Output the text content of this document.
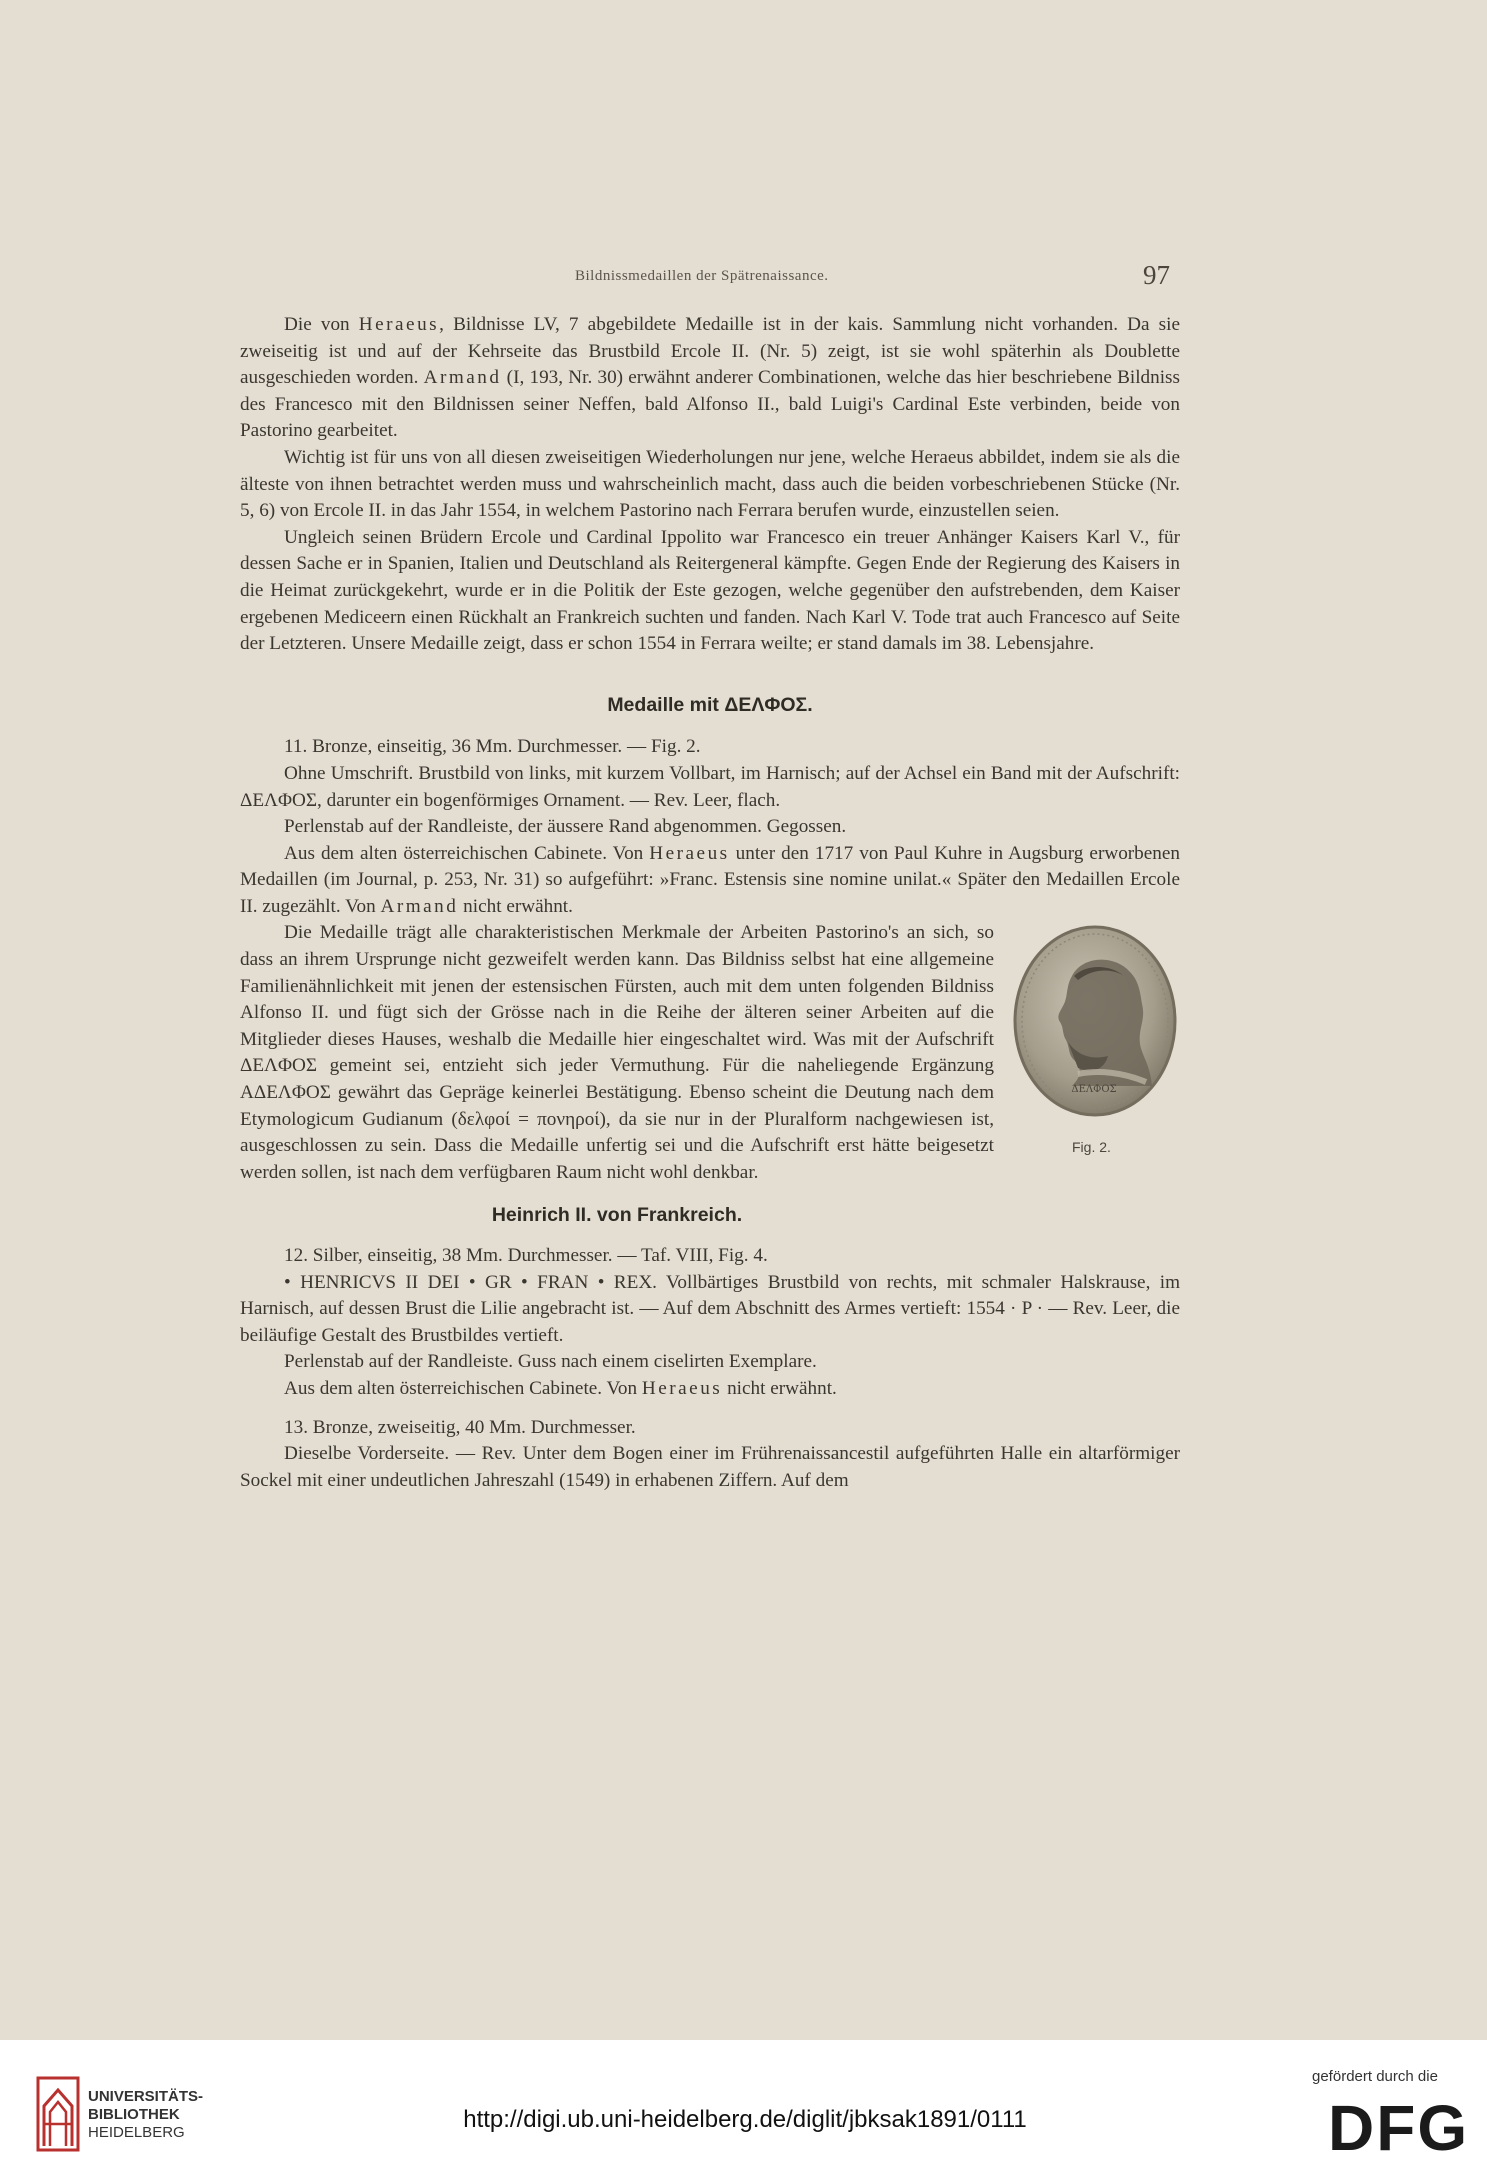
Bildnissmedaillen der Spätrenaissance.	97

Die von Heraeus, Bildnisse LV, 7 abgebildete Medaille ist in der kais. Sammlung nicht vorhanden. Da sie zweiseitig ist und auf der Kehrseite das Brustbild Ercole II. (Nr. 5) zeigt, ist sie wohl späterhin als Doublette ausgeschieden worden. Armand (I, 193, Nr. 30) erwähnt anderer Combinationen, welche das hier beschriebene Bildniss des Francesco mit den Bildnissen seiner Neffen, bald Alfonso II., bald Luigi's Cardinal Este verbinden, beide von Pastorino gearbeitet.

Wichtig ist für uns von all diesen zweiseitigen Wiederholungen nur jene, welche Heraeus abbildet, indem sie als die älteste von ihnen betrachtet werden muss und wahrscheinlich macht, dass auch die beiden vorbeschriebenen Stücke (Nr. 5, 6) von Ercole II. in das Jahr 1554, in welchem Pastorino nach Ferrara berufen wurde, einzustellen seien.

Ungleich seinen Brüdern Ercole und Cardinal Ippolito war Francesco ein treuer Anhänger Kaisers Karl V., für dessen Sache er in Spanien, Italien und Deutschland als Reitergeneral kämpfte. Gegen Ende der Regierung des Kaisers in die Heimat zurückgekehrt, wurde er in die Politik der Este gezogen, welche gegenüber den aufstrebenden, dem Kaiser ergebenen Mediceern einen Rückhalt an Frankreich suchten und fanden. Nach Karl V. Tode trat auch Francesco auf Seite der Letzteren. Unsere Medaille zeigt, dass er schon 1554 in Ferrara weilte; er stand damals im 38. Lebensjahre.

Medaille mit ΔΕΛΦΟΣ.

11. Bronze, einseitig, 36 Mm. Durchmesser. — Fig. 2.

Ohne Umschrift. Brustbild von links, mit kurzem Vollbart, im Harnisch; auf der Achsel ein Band mit der Aufschrift: ΔΕΛΦΟΣ, darunter ein bogenförmiges Ornament. — Rev. Leer, flach.

Perlenstab auf der Randleiste, der äussere Rand abgenommen. Gegossen.

Aus dem alten österreichischen Cabinete. Von Heraeus unter den 1717 von Paul Kuhre in Augsburg erworbenen Medaillen (im Journal, p. 253, Nr. 31) so aufgeführt: »Franc. Estensis sine nomine unilat.« Später den Medaillen Ercole II. zugezählt. Von Armand nicht erwähnt.

ΔΕΛΦΟΣ
Fig. 2.

Die Medaille trägt alle charakteristischen Merkmale der Arbeiten Pastorino's an sich, so dass an ihrem Ursprunge nicht gezweifelt werden kann. Das Bildniss selbst hat eine allgemeine Familienähnlichkeit mit jenen der estensischen Fürsten, auch mit dem unten folgenden Bildniss Alfonso II. und fügt sich der Grösse nach in die Reihe der älteren seiner Arbeiten auf die Mitglieder dieses Hauses, weshalb die Medaille hier eingeschaltet wird. Was mit der Aufschrift ΔΕΛΦΟΣ gemeint sei, entzieht sich jeder Vermuthung. Für die naheliegende Ergänzung ΑΔΕΛΦΟΣ gewährt das Gepräge keinerlei Bestätigung. Ebenso scheint die Deutung nach dem Etymologicum Gudianum (δελφοί = πονηροί), da sie nur in der Pluralform nachgewiesen ist, ausgeschlossen zu sein. Dass die Medaille unfertig sei und die Aufschrift erst hätte beigesetzt werden sollen, ist nach dem verfügbaren Raum nicht wohl denkbar.

Heinrich II. von Frankreich.

12. Silber, einseitig, 38 Mm. Durchmesser. — Taf. VIII, Fig. 4.

• HENRICVS II DEI • GR • FRAN • REX. Vollbärtiges Brustbild von rechts, mit schmaler Halskrause, im Harnisch, auf dessen Brust die Lilie angebracht ist. — Auf dem Abschnitt des Armes vertieft: 1554 · P · — Rev. Leer, die beiläufige Gestalt des Brustbildes vertieft.

Perlenstab auf der Randleiste. Guss nach einem ciselirten Exemplare.

Aus dem alten österreichischen Cabinete. Von Heraeus nicht erwähnt.

13. Bronze, zweiseitig, 40 Mm. Durchmesser.

Dieselbe Vorderseite. — Rev. Unter dem Bogen einer im Frührenaissancestil aufgeführten Halle ein altarförmiger Sockel mit einer undeutlichen Jahreszahl (1549) in erhabenen Ziffern. Auf dem

UNIVERSITÄTS-
BIBLIOTHEK
HEIDELBERG	http://digi.ub.uni-heidelberg.de/diglit/jbksak1891/0111
gefördert durch die
DFG
